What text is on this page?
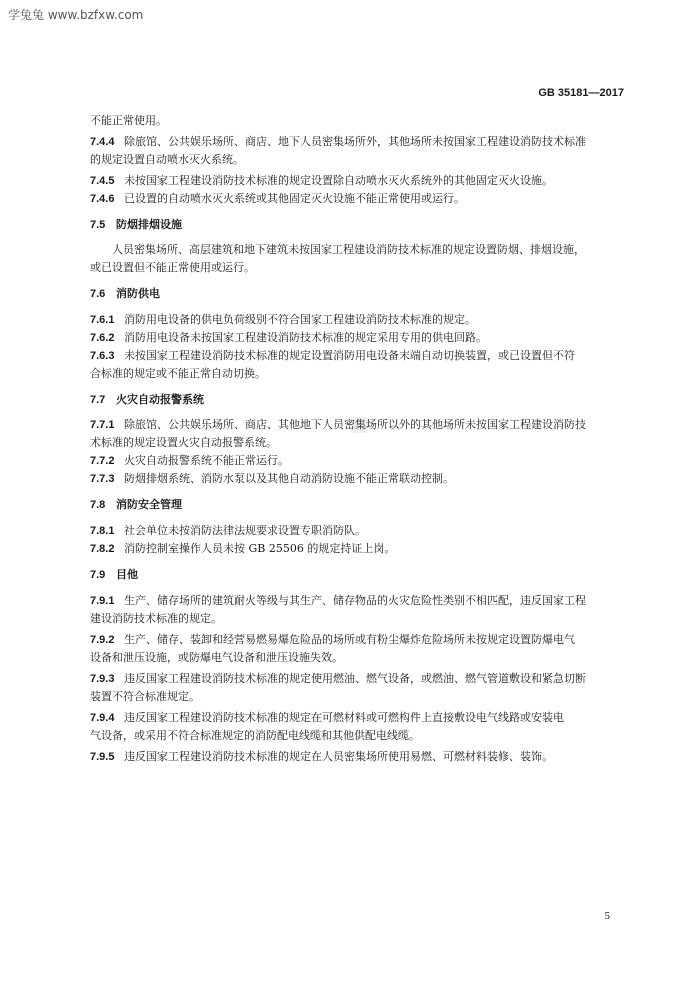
学兔兔 www.bzfxw.com
GB 35181—2017
不能正常使用。
7.4.4 除旅馆、公共娱乐场所、商店、地下人员密集场所外，其他场所未按国家工程建设消防技术标准
的规定设置自动喷水灭火系统。
7.4.5 未按国家工程建设消防技术标准的规定设置除自动喷水灭火系统外的其他固定灭火设施。
7.4.6 已设置的自动喷水灭火系统或其他固定灭火设施不能正常使用或运行。
7.5 防烟排烟设施
人员密集场所、高层建筑和地下建筑未按国家工程建设消防技术标准的规定设置防烟、排烟设施，
或已设置但不能正常使用或运行。
7.6 消防供电
7.6.1 消防用电设备的供电负荷级别不符合国家工程建设消防技术标准的规定。
7.6.2 消防用电设备未按国家工程建设消防技术标准的规定采用专用的供电回路。
7.6.3 未按国家工程建设消防技术标准的规定设置消防用电设备末端自动切换装置，或已设置但不符
合标准的规定或不能正常自动切换。
7.7 火灾自动报警系统
7.7.1 除旅馆、公共娱乐场所、商店、其他地下人员密集场所以外的其他场所未按国家工程建设消防技
术标准的规定设置火灾自动报警系统。
7.7.2 火灾自动报警系统不能正常运行。
7.7.3 防烟排烟系统、消防水泵以及其他自动消防设施不能正常联动控制。
7.8 消防安全管理
7.8.1 社会单位未按消防法律法规要求设置专职消防队。
7.8.2 消防控制室操作人员未按 GB 25506 的规定持证上岗。
7.9 目他
7.9.1 生产、储存场所的建筑耐火等级与其生产、储存物品的火灾危险性类别不相匹配，违反国家工程
建设消防技术标准的规定。
7.9.2 生产、储存、装卸和经营易燃易爆危险品的场所或有粉尘爆炸危险场所未按规定设置防爆电气
设备和泄压设施，或防爆电气设备和泄压设施失效。
7.9.3 违反国家工程建设消防技术标准的规定使用燃油、燃气设备，或燃油、燃气管道敷设和紧急切断
装置不符合标准规定。
7.9.4 违反国家工程建设消防技术标准的规定在可燃材料或可燃构件上直接敷设电气线路或安装电
气设备，或采用不符合标准规定的消防配电线缆和其他供配电线缆。
7.9.5 违反国家工程建设消防技术标准的规定在人员密集场所使用易燃、可燃材料装修、装饰。
5
